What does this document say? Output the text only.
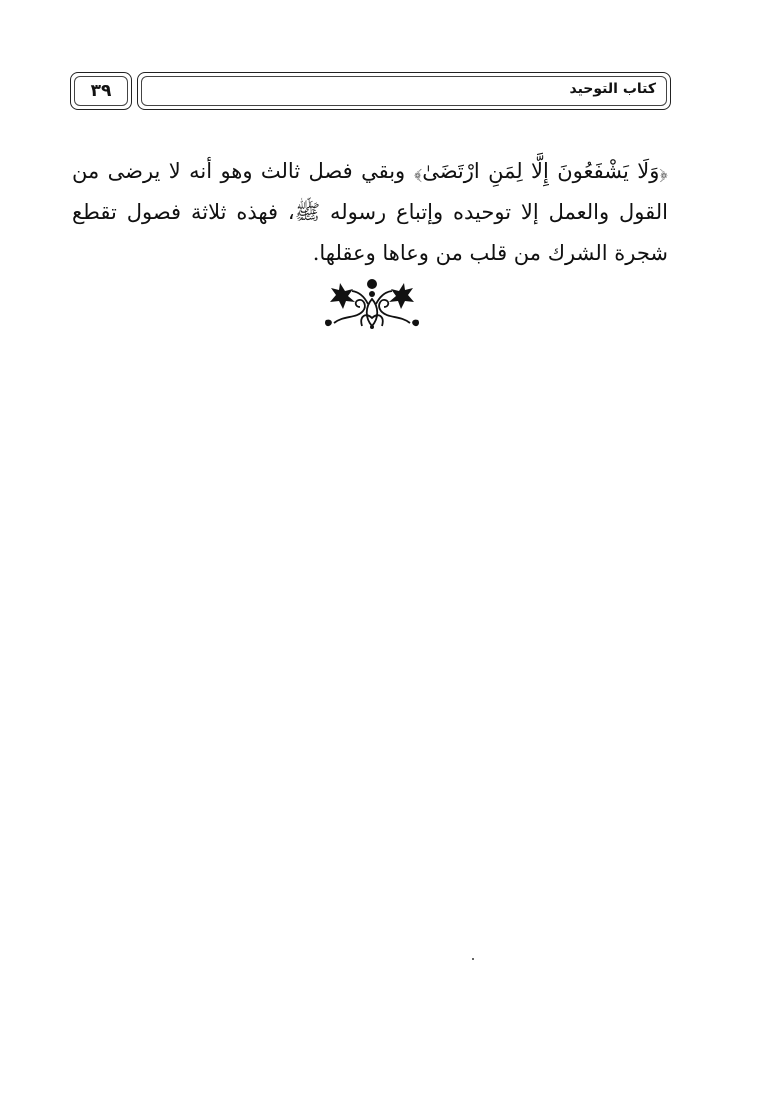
٣٩	كتاب التوحيد

﴿وَلَا يَشْفَعُونَ إِلَّا لِمَنِ ارْتَضَىٰ﴾ وبقي فصل ثالث وهو أنه لا يرضى من القول والعمل إلا توحيده وإتباع رسوله ﷺ، فهذه ثلاثة فصول تقطع شجرة الشرك من قلب من وعاها وعقلها.
